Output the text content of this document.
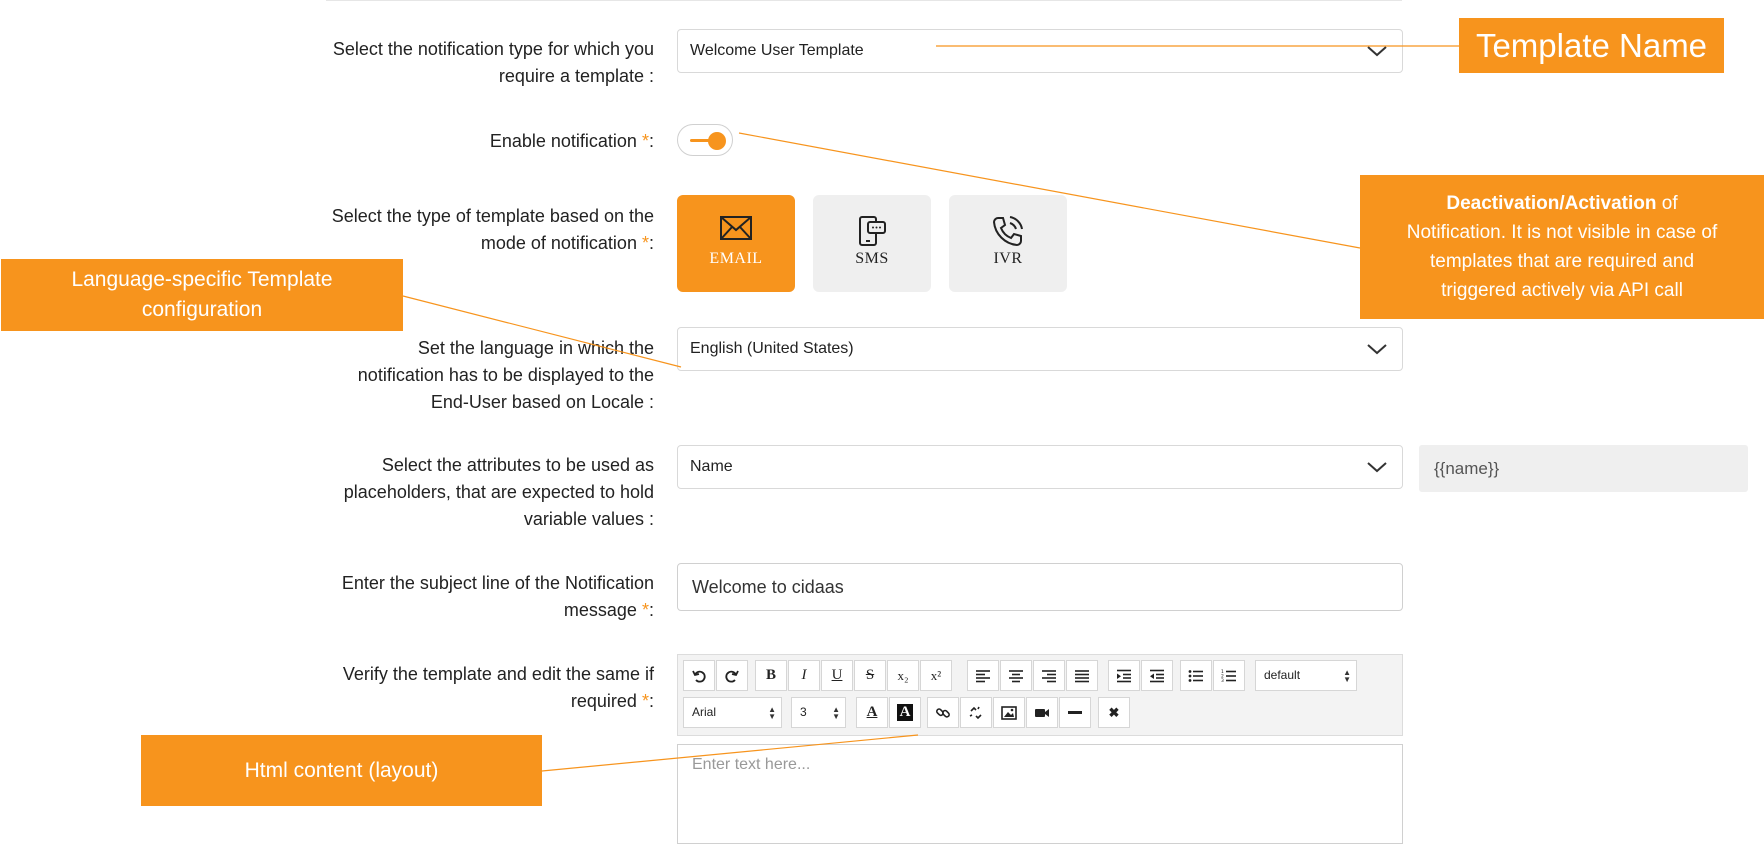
Select the notification type for which you
require a template :
Welcome User Template
Enable notification *:
Select the type of template based on the
mode of notification *:
EMAIL	SMS	IVR
Set the language in which the
notification has to be displayed to the
End-User based on Locale :
English (United States)
Select the attributes to be used as
placeholders, that are expected to hold
variable values :
Name	{{name}}
Enter the subject line of the Notification
message *:
Welcome to cidaas
Verify the template and edit the same if
required *:
B I U S x₂ x²	1
2
3	default	▲
▼
Arial	▲
▼	3	▲
▼ A A	✖
Enter text here...
Template Name
Deactivation/Activation of
Notification. It is not visible in case of
templates that are required and
triggered actively via API call
Language-specific Template
configuration
Html content (layout)
